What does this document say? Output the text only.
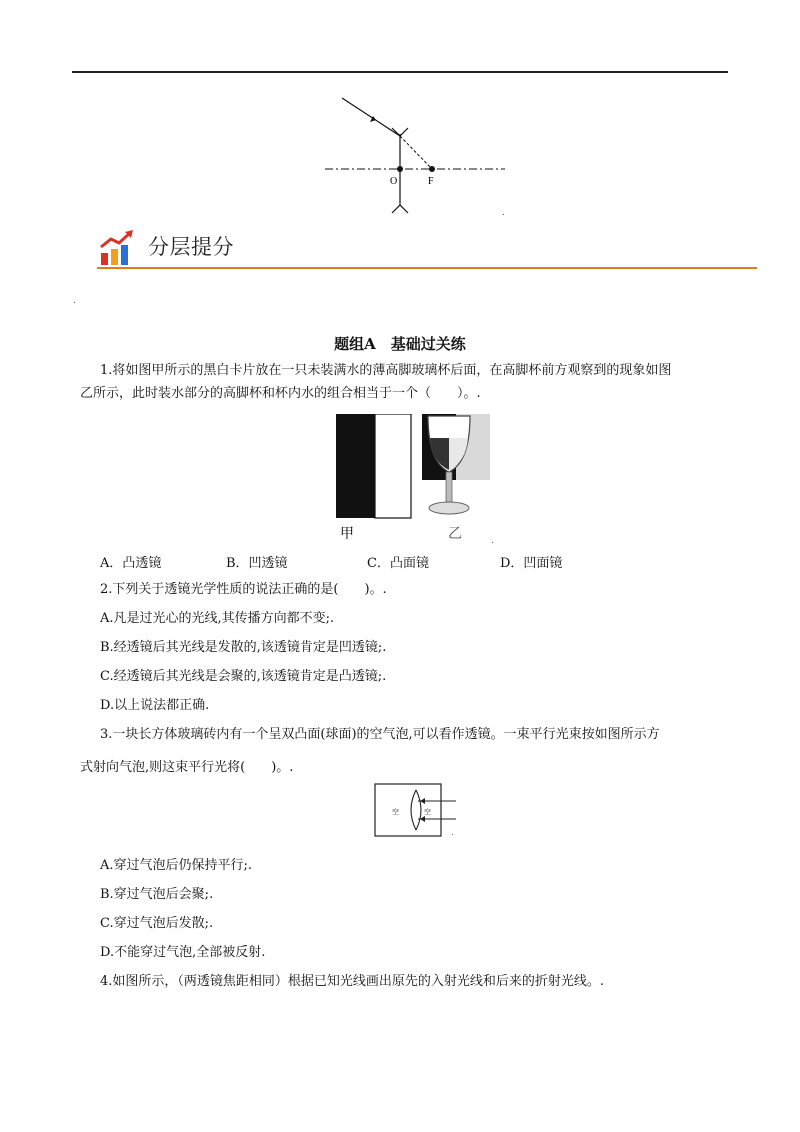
O	F
.
分层提分
.
题组A　基础过关练
1.将如图甲所示的黑白卡片放在一只未装满水的薄高脚玻璃杯后面，在高脚杯前方观察到的现象如图
乙所示，此时装水部分的高脚杯和杯内水的组合相当于一个（　　）。.
甲	乙	.
A．凸透镜	B．凹透镜	C．凸面镜	D．凹面镜
2.下列关于透镜光学性质的说法正确的是(　　)。.
A.凡是过光心的光线,其传播方向都不变;.
B.经透镜后其光线是发散的,该透镜肯定是凹透镜;.
C.经透镜后其光线是会聚的,该透镜肯定是凸透镜;.
D.以上说法都正确.
3.一块长方体玻璃砖内有一个呈双凸面(球面)的空气泡,可以看作透镜。一束平行光束按如图所示方
式射向气泡,则这束平行光将(　　)。.
空	空
.
A.穿过气泡后仍保持平行;.
B.穿过气泡后会聚;.
C.穿过气泡后发散;.
D.不能穿过气泡,全部被反射.
4.如图所示，（两透镜焦距相同）根据已知光线画出原先的入射光线和后来的折射光线。.
